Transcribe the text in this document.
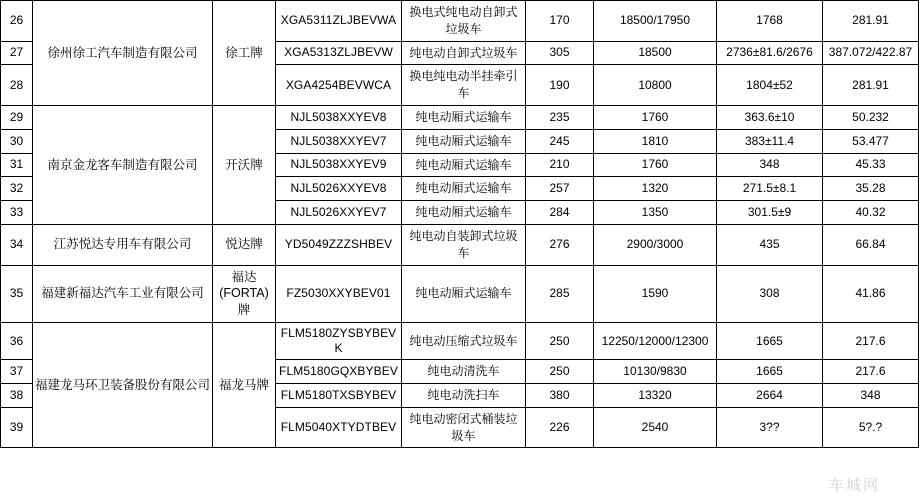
26	徐州徐工汽车制造有限公司	徐工牌	XGA5311ZLJBEVWA	换电式纯电动自卸式垃圾车	170	18500/17950	1768	281.91
27			XGA5313ZLJBEVW	纯电动自卸式垃圾车	305	18500	2736±81.6/2676	387.072/422.87
28			XGA4254BEVWCA	换电纯电动半挂牵引车	190	10800	1804±52	281.91
29	南京金龙客车制造有限公司	开沃牌	NJL5038XXYEV8	纯电动厢式运输车	235	1760	363.6±10	50.232
30			NJL5038XXYEV7	纯电动厢式运输车	245	1810	383±11.4	53.477
31			NJL5038XXYEV9	纯电动厢式运输车	210	1760	348	45.33
32			NJL5026XXYEV8	纯电动厢式运输车	257	1320	271.5±8.1	35.28
33			NJL5026XXYEV7	纯电动厢式运输车	284	1350	301.5±9	40.32
34	江苏悦达专用车有限公司	悦达牌	YD5049ZZZSHBEV	纯电动自装卸式垃圾车	276	2900/3000	435	66.84
35	福建新福达汽车工业有限公司	福达(FORTA)牌	FZ5030XXYBEV01	纯电动厢式运输车	285	1590	308	41.86
36	福建龙马环卫装备股份有限公司	福龙马牌	FLM5180ZYSBYBEVK	纯电动压缩式垃圾车	250	12250/12000/12300	1665	217.6
37			FLM5180GQXBYBEV	纯电动清洗车	250	10130/9830	1665	217.6
38			FLM5180TXSBYBEV	纯电动洗扫车	380	13320	2664	348
39			FLM5040XTYDTBEV	纯电动密闭式桶装垃圾车	226	2540	3??	5?.?
车城网
